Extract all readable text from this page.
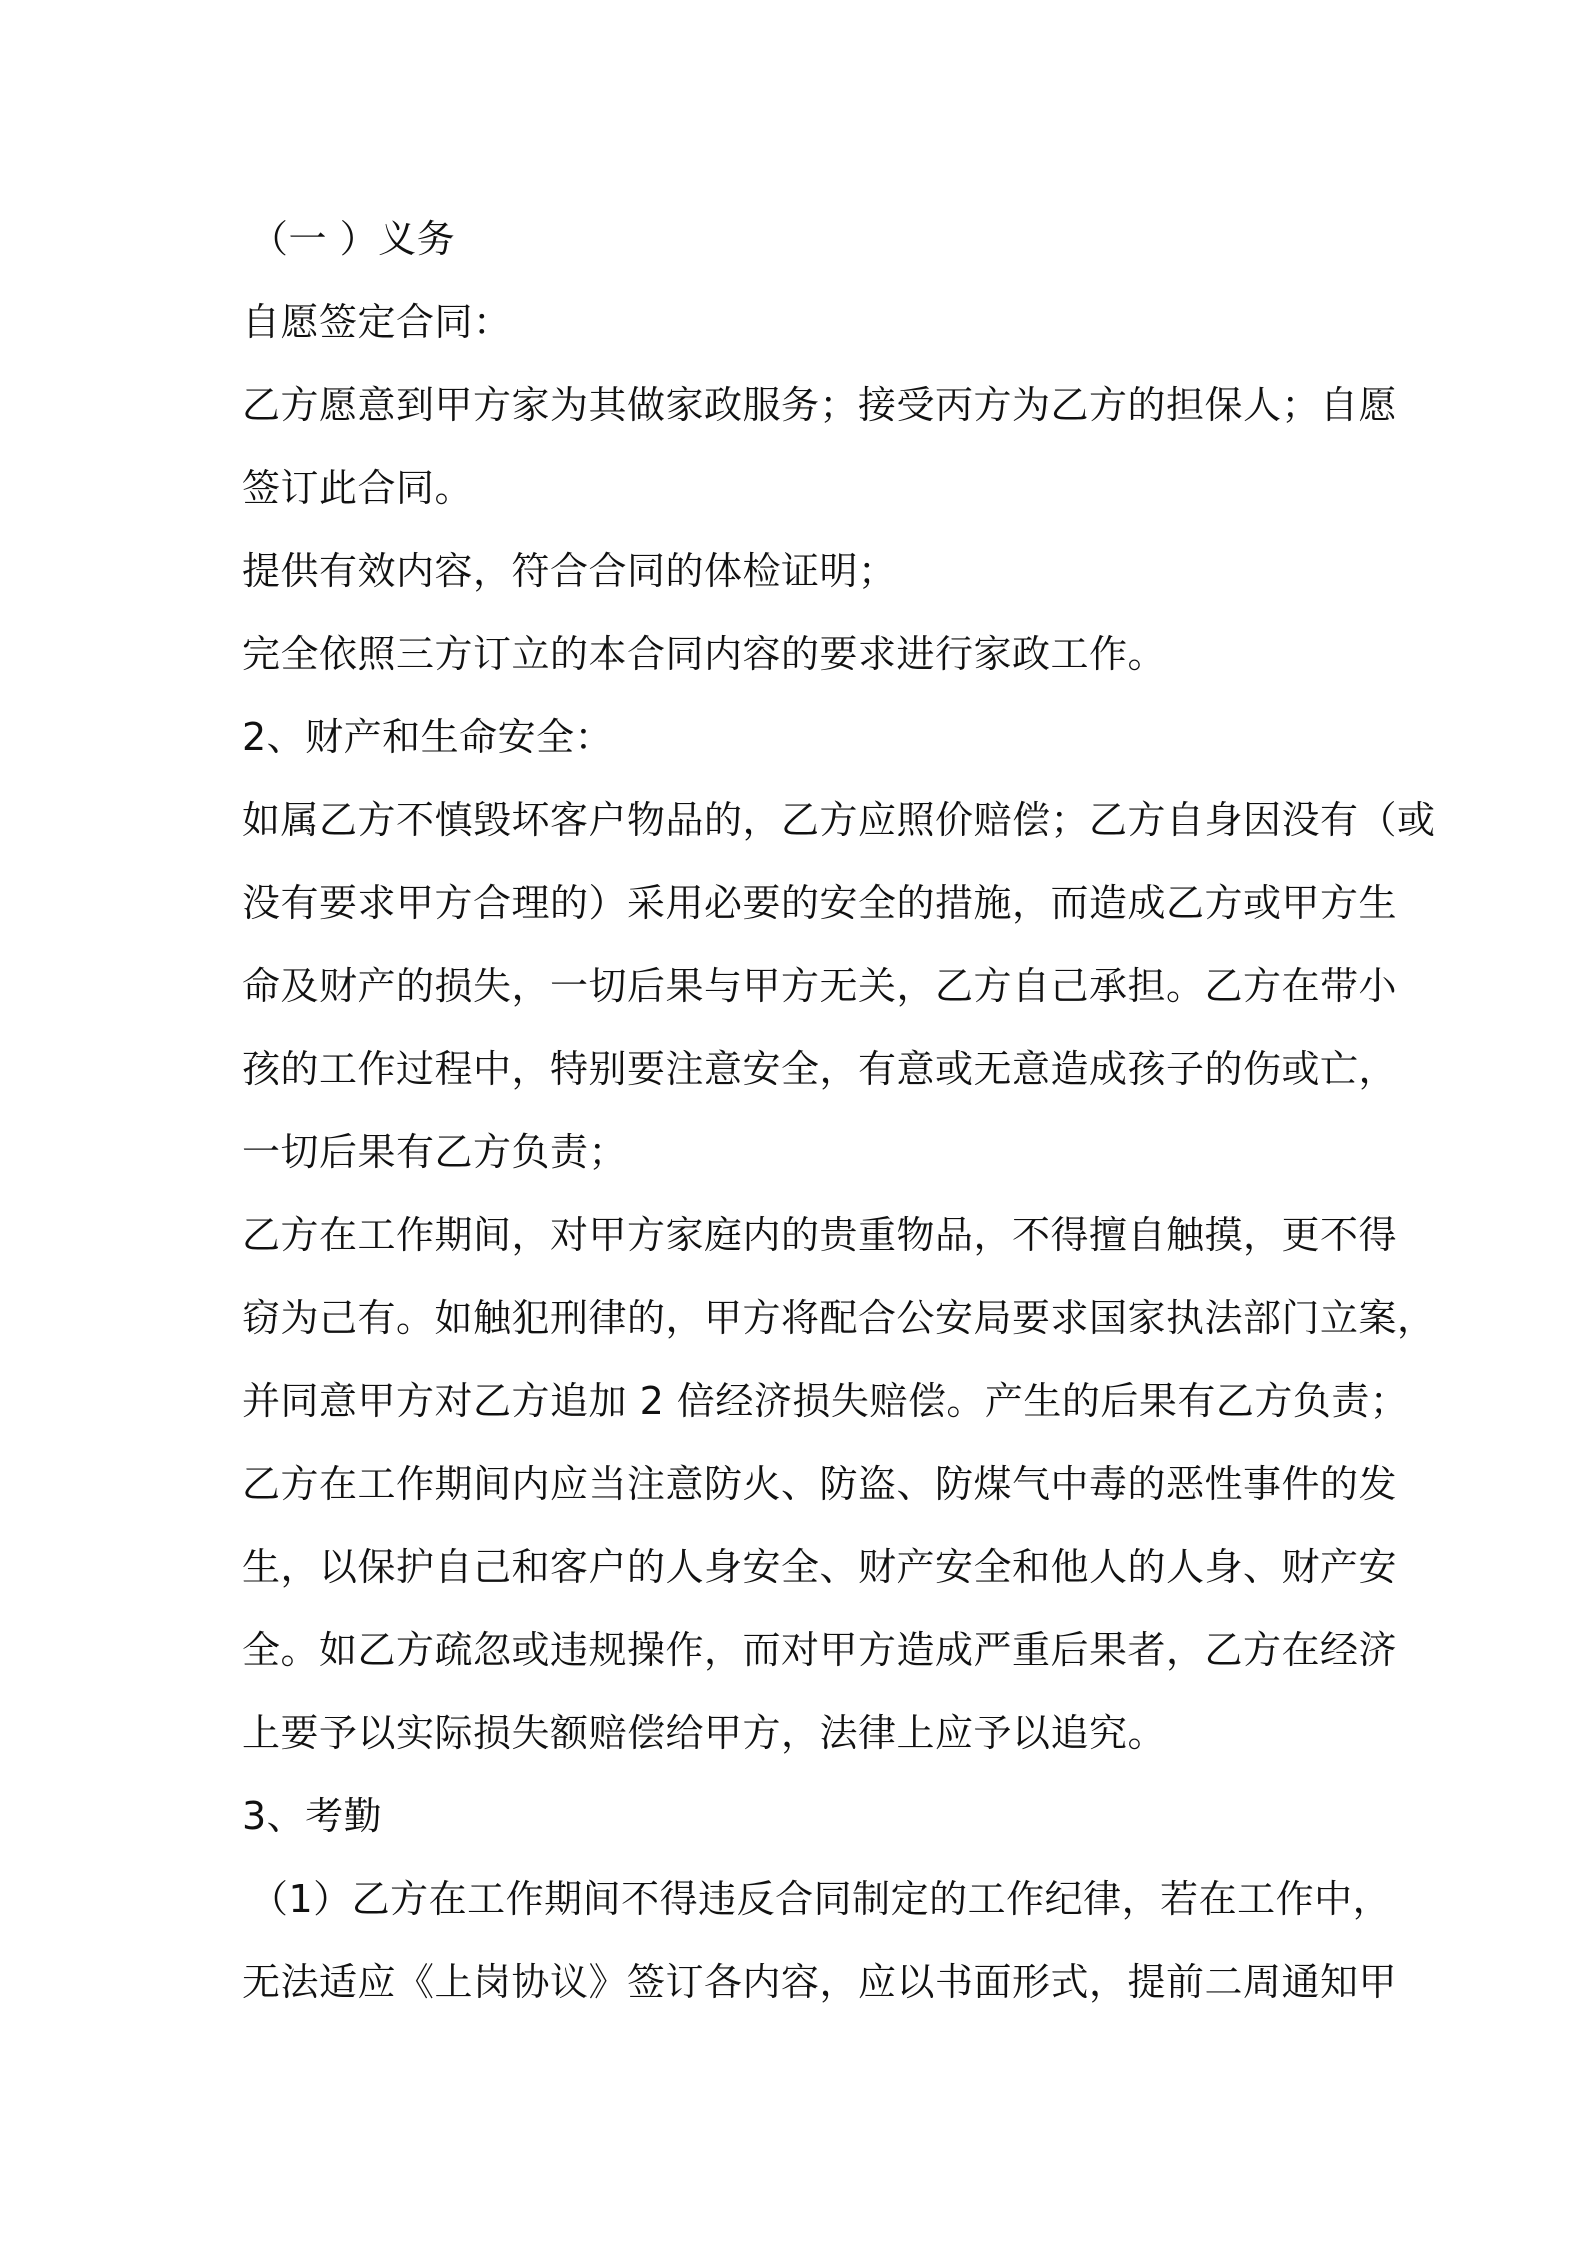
（一 ）义务
自愿签定合同：
乙方愿意到甲方家为其做家政服务；接受丙方为乙方的担保人；自愿
签订此合同。
提供有效内容，符合合同的体检证明；
完全依照三方订立的本合同内容的要求进行家政工作。
2、财产和生命安全：
如属乙方不慎毁坏客户物品的，乙方应照价赔偿；乙方自身因没有（或
没有要求甲方合理的）采用必要的安全的措施，而造成乙方或甲方生
命及财产的损失，一切后果与甲方无关，乙方自己承担。乙方在带小
孩的工作过程中，特别要注意安全，有意或无意造成孩子的伤或亡，
一切后果有乙方负责；
乙方在工作期间，对甲方家庭内的贵重物品，不得擅自触摸，更不得
窃为己有。如触犯刑律的，甲方将配合公安局要求国家执法部门立案，
并同意甲方对乙方追加 2 倍经济损失赔偿。产生的后果有乙方负责；
乙方在工作期间内应当注意防火、防盗、防煤气中毒的恶性事件的发
生，以保护自己和客户的人身安全、财产安全和他人的人身、财产安
全。如乙方疏忽或违规操作，而对甲方造成严重后果者，乙方在经济
上要予以实际损失额赔偿给甲方，法律上应予以追究。
3、考勤
（1）乙方在工作期间不得违反合同制定的工作纪律，若在工作中，
无法适应《上岗协议》签订各内容，应以书面形式，提前二周通知甲
